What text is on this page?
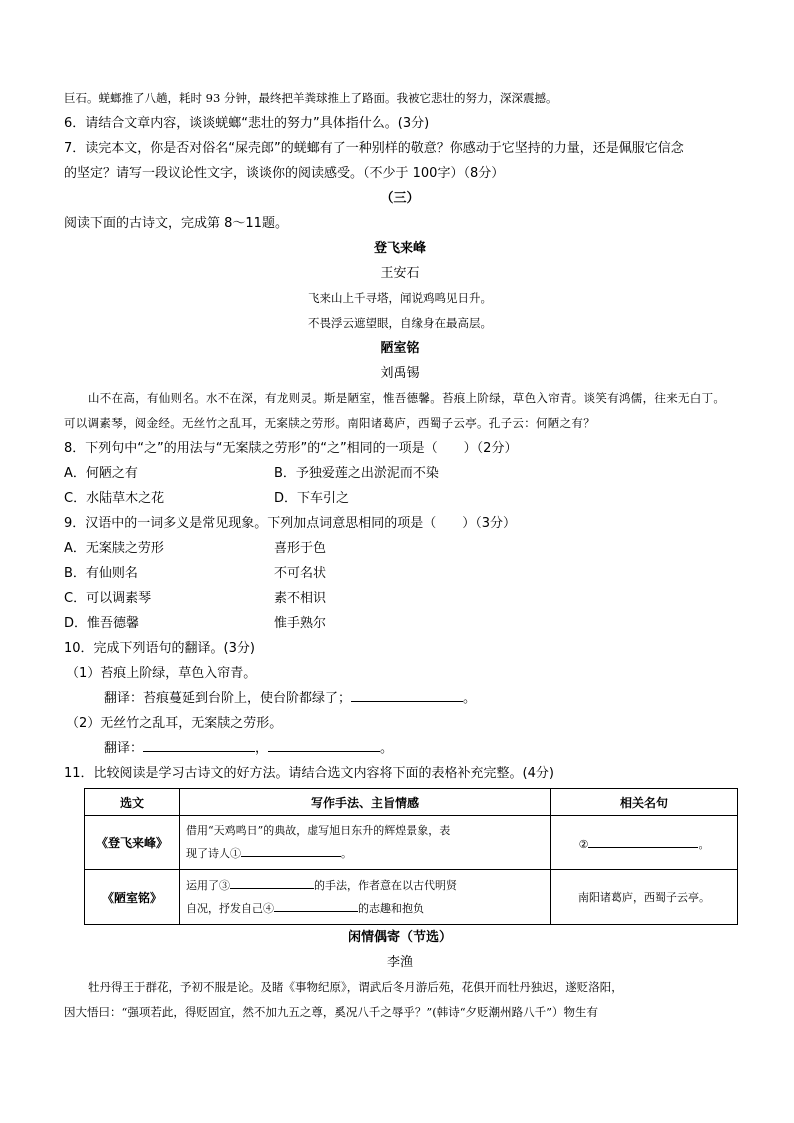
巨石。蜣螂推了八趟，耗时 93 分钟，最终把羊粪球推上了路面。我被它悲壮的努力，深深震撼。
6．请结合文章内容，谈谈蜣螂“悲壮的努力”具体指什么。(3分)
7．读完本文，你是否对俗名“屎壳郎”的蜣螂有了一种别样的敬意？你感动于它坚持的力量，还是佩服它信念
的坚定？请写一段议论性文字，谈谈你的阅读感受。（不少于 100字）（8分）
（三）
阅读下面的古诗文，完成第 8～11题。
登飞来峰
王安石
飞来山上千寻塔，闻说鸡鸣见日升。
不畏浮云遮望眼，自缘身在最高层。
陋室铭
刘禹锡
山不在高，有仙则名。水不在深，有龙则灵。斯是陋室，惟吾德馨。苔痕上阶绿，草色入帘青。谈笑有鸿儒，往来无白丁。可以调素琴，阅金经。无丝竹之乱耳，无案牍之劳形。南阳诸葛庐，西蜀子云亭。孔子云：何陋之有？
8．下列句中“之”的用法与“无案牍之劳形”的“之”相同的一项是（　　）（2分）
A．何陋之有	B．予独爱莲之出淤泥而不染
C．水陆草木之花	D．下车引之
9．汉语中的一词多义是常见现象。下列加点词意思相同的项是（　　）（3分）
A．无案牍之劳形	喜形于色
B．有仙则名	不可名状
C．可以调素琴	素不相识
D．惟吾德馨	惟手熟尔
10．完成下列语句的翻译。(3分)
（1）苔痕上阶绿，草色入帘青。
翻译：苔痕蔓延到台阶上，使台阶都绿了；	。
（2）无丝竹之乱耳，无案牍之劳形。
翻译：	，	。
11．比较阅读是学习古诗文的好方法。请结合选文内容将下面的表格补充完整。(4分)
选文	写作手法、主旨情感	相关名句
《登飞来峰》	借用“天鸡鸣日”的典故，虚写旭日东升的辉煌景象，表
现了诗人① 。	② 。
《陋室铭》	运用了③ 的手法，作者意在以古代明贤
自况，抒发自己④ 的志趣和抱负	南阳诸葛庐，西蜀子云亭。
闲情偶寄（节选）
李渔
牡丹得王于群花，予初不服是论。及睹《事物纪原》，谓武后冬月游后苑，花俱开而牡丹独迟，遂贬洛阳，
因大悟曰：“强项若此，得贬固宜，然不加九五之尊，奚况八千之辱乎？”(韩诗“夕贬潮州路八千”）物生有
